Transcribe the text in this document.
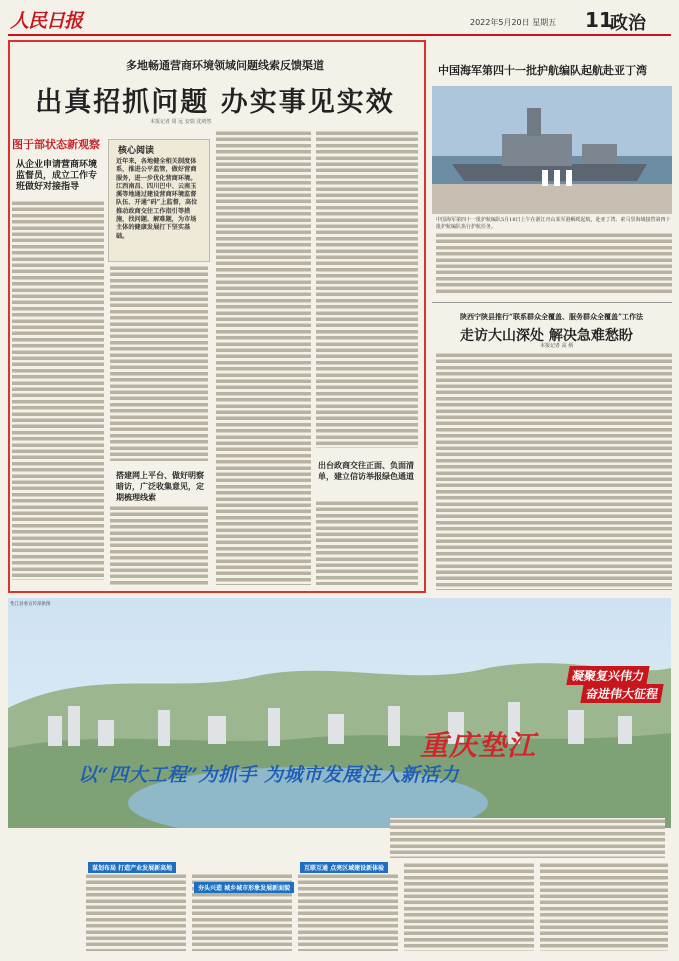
人民日报	2022年5月20日 星期五 11
政治
多地畅通营商环境领域问题线索反馈渠道
出真招抓问题 办实事见实效
本报记者 周 远 安瑞 沈靖然
图于部状态新观察
从企业申请营商环境监督员，成立工作专班做好对接指导
核心阅读
近年来，各地健全相关制度体系，推进公平监管，做好营商服务，进一步优化营商环境。江西南昌、四川巴中、云南玉溪等地通过建设营商环境监督队伍、开通“码”上监督，高位推动政商交往工作指引等措施，找问题、解难题，为市场主体的健康发展打下坚实基础。
搭建网上平台、做好明察暗访，广泛收集意见，定期梳理线索
出台政商交往正面、负面清单，建立信访举报绿色通道
中国海军第四十一批护航编队起航赴亚丁湾
中国海军第四十一批护航编队5月18日上午在浙江舟山某军港解缆起航，赴亚丁湾、索马里海域接替第四十批护航编队执行护航任务。
陕西宁陕县推行“联系群众全覆盖、服务群众全覆盖”工作法
走访大山深处 解决急难愁盼
本报记者 高 炳
垫江县委宣传部供图
凝聚复兴伟力
奋进伟大征程
重庆垫江
以“四大工程”为抓手 为城市发展注入新活力
谋划布局 打造产业发展新高地
夯头兴造 城乡城市形象发展新面貌
互联互通 点亮区域建设新体验
